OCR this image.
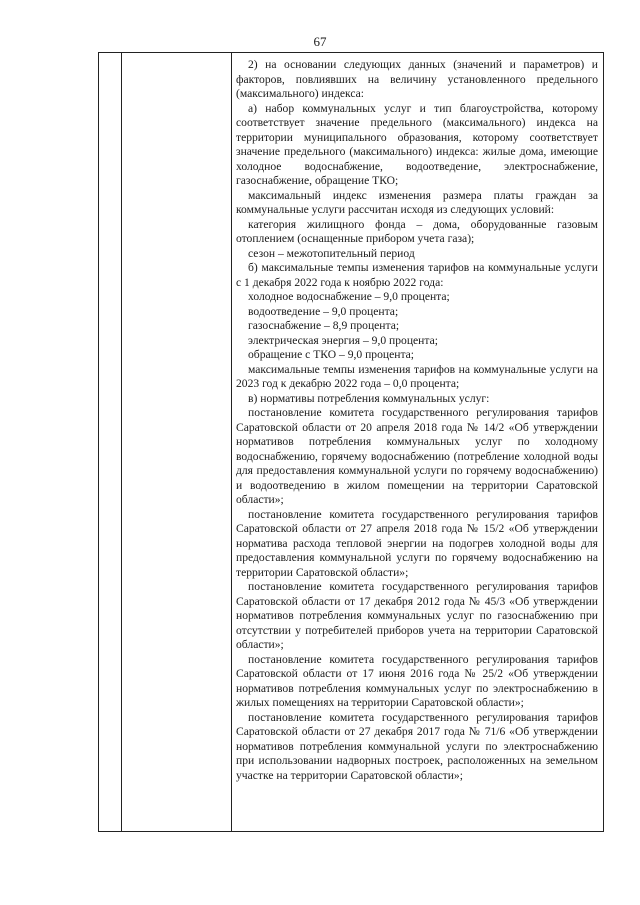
67

2) на основании следующих данных (значений и параметров) и факторов, повлиявших на величину установленного предельного (максимального) индекса:

а) набор коммунальных услуг и тип благоустройства, которому соответствует значение предельного (максимального) индекса на территории муниципального образования, которому соответствует значение предельного (максимального) индекса: жилые дома, имеющие холодное водоснабжение, водоотведение, электроснабжение, газоснабжение, обращение ТКО;

максимальный индекс изменения размера платы граждан за коммунальные услуги рассчитан исходя из следующих условий:

категория жилищного фонда – дома, оборудованные газовым отоплением (оснащенные прибором учета газа);

сезон – межотопительный период

б) максимальные темпы изменения тарифов на коммунальные услуги с 1 декабря 2022 года к ноябрю 2022 года:

холодное водоснабжение – 9,0 процента;

водоотведение – 9,0 процента;

газоснабжение – 8,9 процента;

электрическая энергия – 9,0 процента;

обращение с ТКО – 9,0 процента;

максимальные темпы изменения тарифов на коммунальные услуги на 2023 год к декабрю 2022 года – 0,0 процента;

в) нормативы потребления коммунальных услуг:

постановление комитета государственного регулирования тарифов Саратовской области от 20 апреля 2018 года № 14/2 «Об утверждении нормативов потребления коммунальных услуг по холодному водоснабжению, горячему водоснабжению (потребление холодной воды для предоставления коммунальной услуги по горячему водоснабжению) и водоотведению в жилом помещении на территории Саратовской области»;

постановление комитета государственного регулирования тарифов Саратовской области от 27 апреля 2018 года № 15/2 «Об утверждении норматива расхода тепловой энергии на подогрев холодной воды для предоставления коммунальной услуги по горячему водоснабжению на территории Саратовской области»;

постановление комитета государственного регулирования тарифов Саратовской области от 17 декабря 2012 года № 45/3 «Об утверждении нормативов потребления коммунальных услуг по газоснабжению при отсутствии у потребителей приборов учета на территории Саратовской области»;

постановление комитета государственного регулирования тарифов Саратовской области от 17 июня 2016 года № 25/2 «Об утверждении нормативов потребления коммунальных услуг по электроснабжению в жилых помещениях на территории Саратовской области»;

постановление комитета государственного регулирования тарифов Саратовской области от 27 декабря 2017 года № 71/6 «Об утверждении нормативов потребления коммунальной услуги по электроснабжению при использовании надворных построек, расположенных на земельном участке на территории Саратовской области»;
